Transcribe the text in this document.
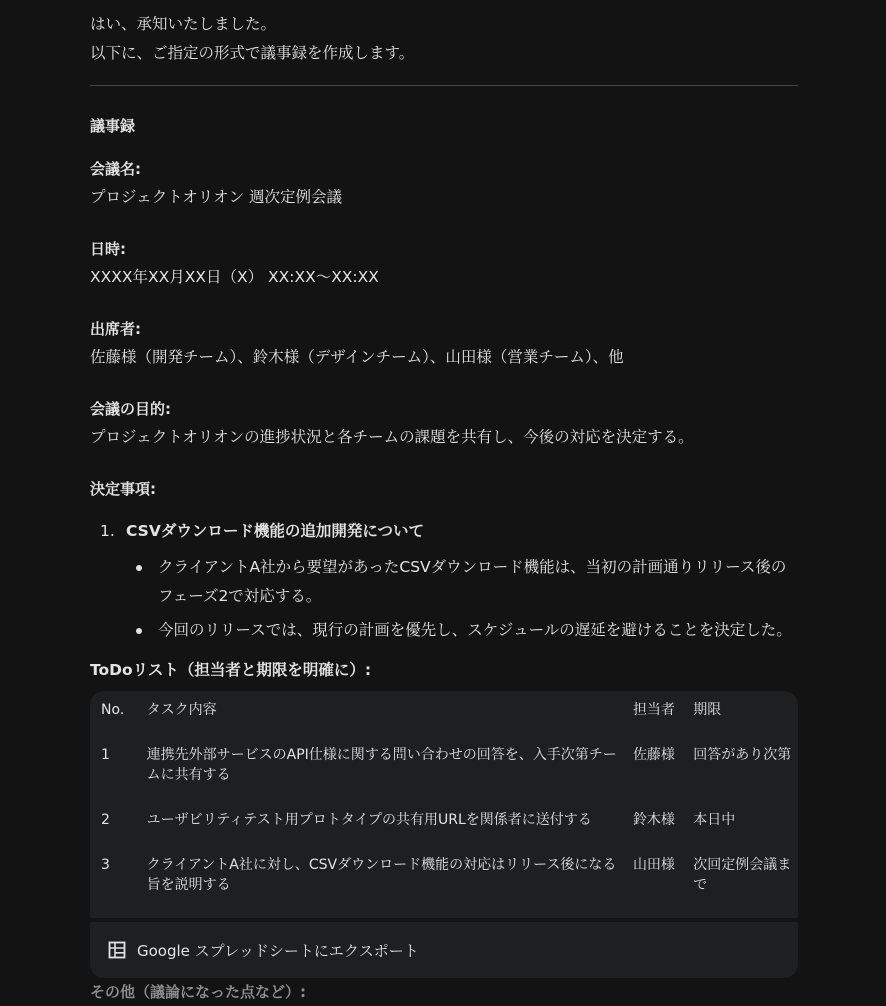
はい、承知いたしました。

以下に、ご指定の形式で議事録を作成します。

議事録

会議名:

プロジェクトオリオン 週次定例会議

日時:

XXXX年XX月XX日（X） XX:XX～XX:XX

出席者:

佐藤様（開発チーム）、鈴木様（デザインチーム）、山田様（営業チーム）、他

会議の目的:

プロジェクトオリオンの進捗状況と各チームの課題を共有し、今後の対応を決定する。

決定事項:

1. CSVダウンロード機能の追加開発について

クライアントA社から要望があったCSVダウンロード機能は、当初の計画通りリリース後のフェーズ2で対応する。
今回のリリースでは、現行の計画を優先し、スケジュールの遅延を避けることを決定した。

ToDoリスト（担当者と期限を明確に）:

No.	タスク内容	担当者	期限
1	連携先外部サービスのAPI仕様に関する問い合わせの回答を、入手次第チームに共有する	佐藤様	回答があり次第
2	ユーザビリティテスト用プロトタイプの共有用URLを関係者に送付する	鈴木様	本日中
3	クライアントA社に対し、CSVダウンロード機能の対応はリリース後になる旨を説明する	山田様	次回定例会議まで
Google スプレッドシートにエクスポート

その他（議論になった点など）:
